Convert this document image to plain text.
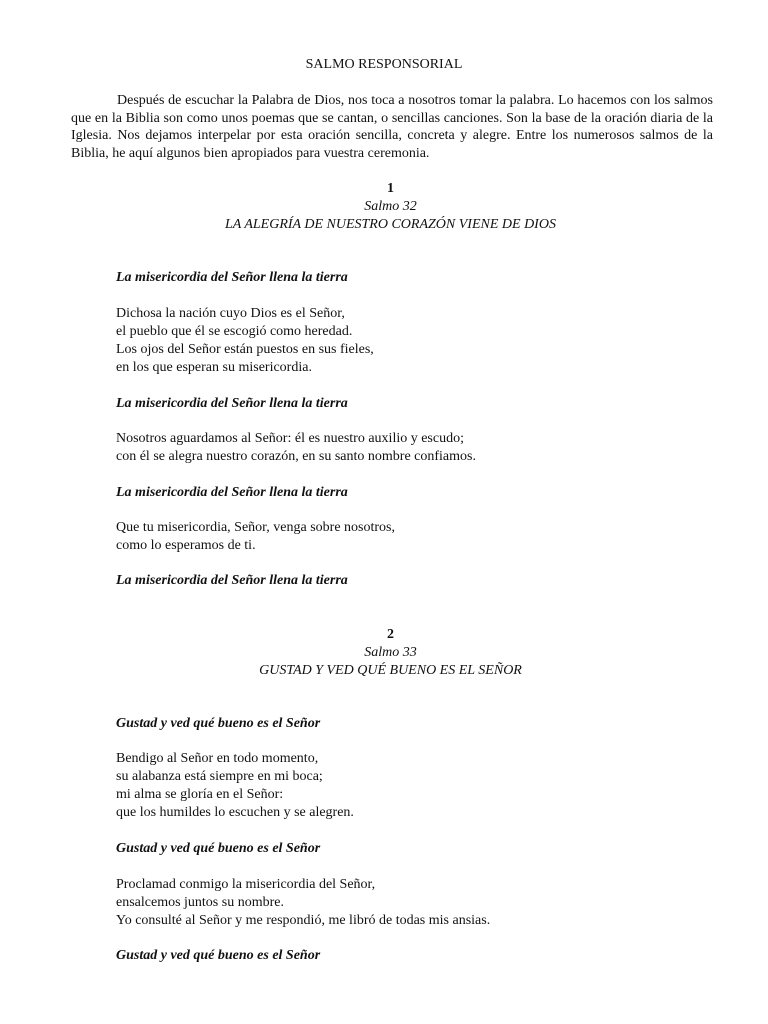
SALMO RESPONSORIAL

Después de escuchar la Palabra de Dios, nos toca a nosotros tomar la palabra. Lo hacemos con los salmos que en la Biblia son como unos poemas que se cantan, o sencillas canciones. Son la base de la oración diaria de la Iglesia. Nos dejamos interpelar por esta oración sencilla, concreta y alegre. Entre los numerosos salmos de la Biblia, he aquí algunos bien apropiados para vuestra ceremonia.

1
Salmo 32
LA ALEGRÍA DE NUESTRO CORAZÓN VIENE DE DIOS
La misericordia del Señor llena la tierra
Dichosa la nación cuyo Dios es el Señor,
el pueblo que él se escogió como heredad.
Los ojos del Señor están puestos en sus fieles,
en los que esperan su misericordia.
La misericordia del Señor llena la tierra
Nosotros aguardamos al Señor: él es nuestro auxilio y escudo;
con él se alegra nuestro corazón, en su santo nombre confiamos.
La misericordia del Señor llena la tierra
Que tu misericordia, Señor, venga sobre nosotros,
como lo esperamos de ti.
La misericordia del Señor llena la tierra
2
Salmo 33
GUSTAD Y VED QUÉ BUENO ES EL SEÑOR
Gustad y ved qué bueno es el Señor
Bendigo al Señor en todo momento,
su alabanza está siempre en mi boca;
mi alma se gloría en el Señor:
que los humildes lo escuchen y se alegren.
Gustad y ved qué bueno es el Señor
Proclamad conmigo la misericordia del Señor,
ensalcemos juntos su nombre.
Yo consulté al Señor y me respondió, me libró de todas mis ansias.
Gustad y ved qué bueno es el Señor
